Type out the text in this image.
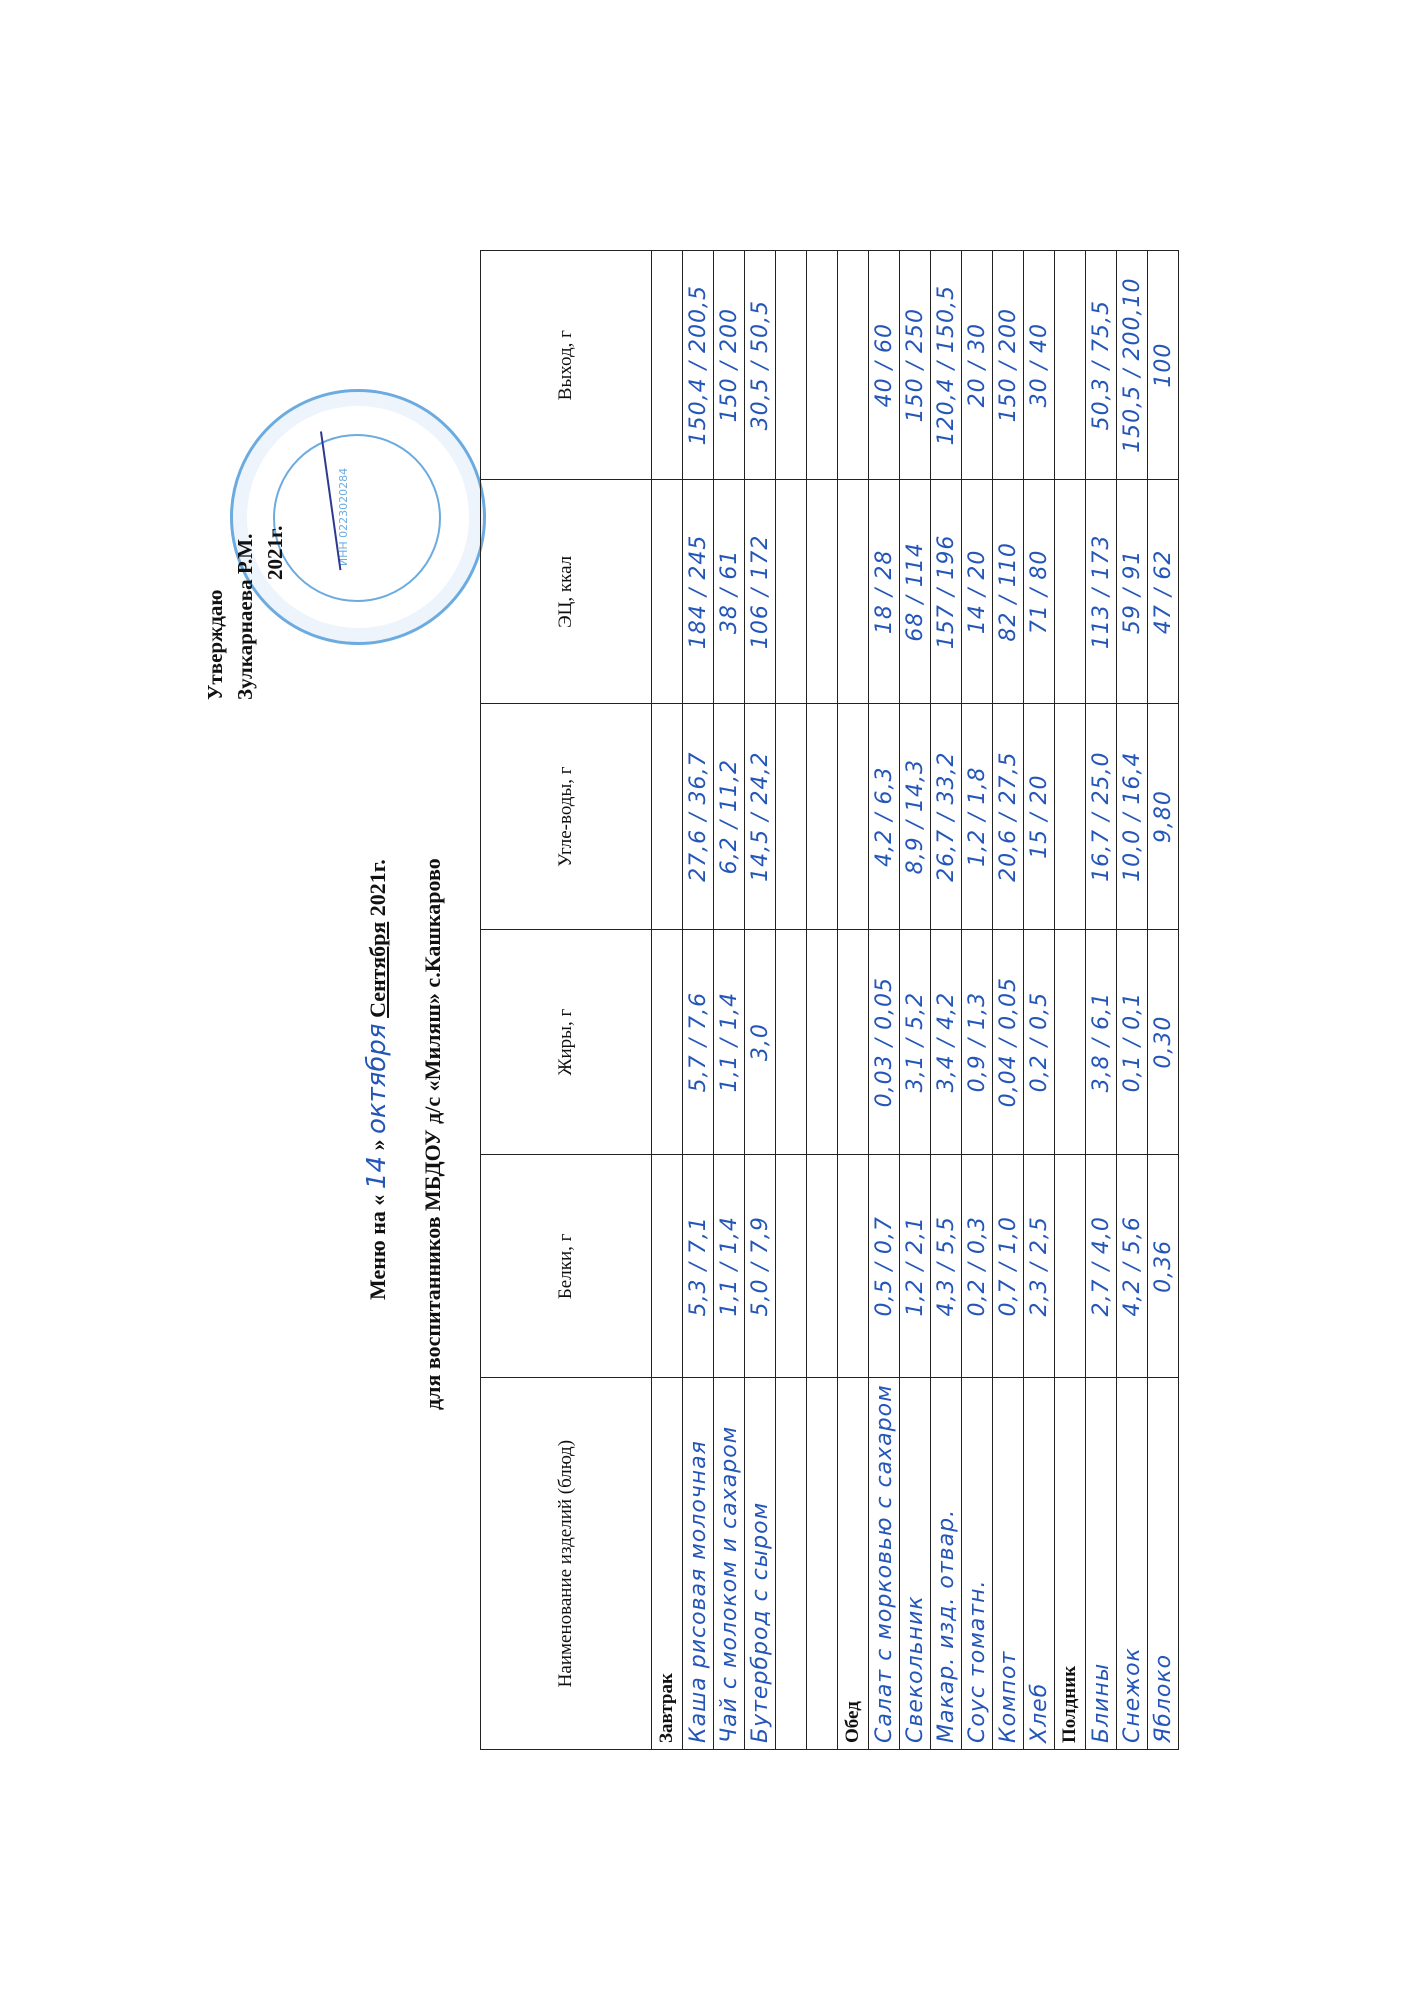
ИНН 0223020284
Утверждаю Зулкарнаева Р.М. 2021г.
Меню на « 14 » октября Сентября 2021г. для воспитанников МБДОУ д/с «Миляш» с.Кашкарово
Наименование изделий (блюд)	Белки, г	Жиры, г	Угле-воды, г	ЭЦ, ккал	Выход, г
Завтрак					
Каша рисовая молочная	5,3 / 7,1	5,7 / 7,6	27,6 / 36,7	184 / 245	150,4 / 200,5
Чай с молоком и сахаром	1,1 / 1,4	1,1 / 1,4	6,2 / 11,2	38 / 61	150 / 200
Бутерброд с сыром	5,0 / 7,9	3,0	14,5 / 24,2	106 / 172	30,5 / 50,5

Обед					
Салат с морковью с сахаром	0,5 / 0,7	0,03 / 0,05	4,2 / 6,3	18 / 28	40 / 60
Свекольник	1,2 / 2,1	3,1 / 5,2	8,9 / 14,3	68 / 114	150 / 250
Макар. изд. отвар.	4,3 / 5,5	3,4 / 4,2	26,7 / 33,2	157 / 196	120,4 / 150,5
Соус томатн.	0,2 / 0,3	0,9 / 1,3	1,2 / 1,8	14 / 20	20 / 30
Компот	0,7 / 1,0	0,04 / 0,05	20,6 / 27,5	82 / 110	150 / 200
Хлеб	2,3 / 2,5	0,2 / 0,5	15 / 20	71 / 80	30 / 40
Полдник					
Блины	2,7 / 4,0	3,8 / 6,1	16,7 / 25,0	113 / 173	50,3 / 75,5
Снежок	4,2 / 5,6	0,1 / 0,1	10,0 / 16,4	59 / 91	150,5 / 200,10
Яблоко	0,36	0,30	9,80	47 / 62	100
